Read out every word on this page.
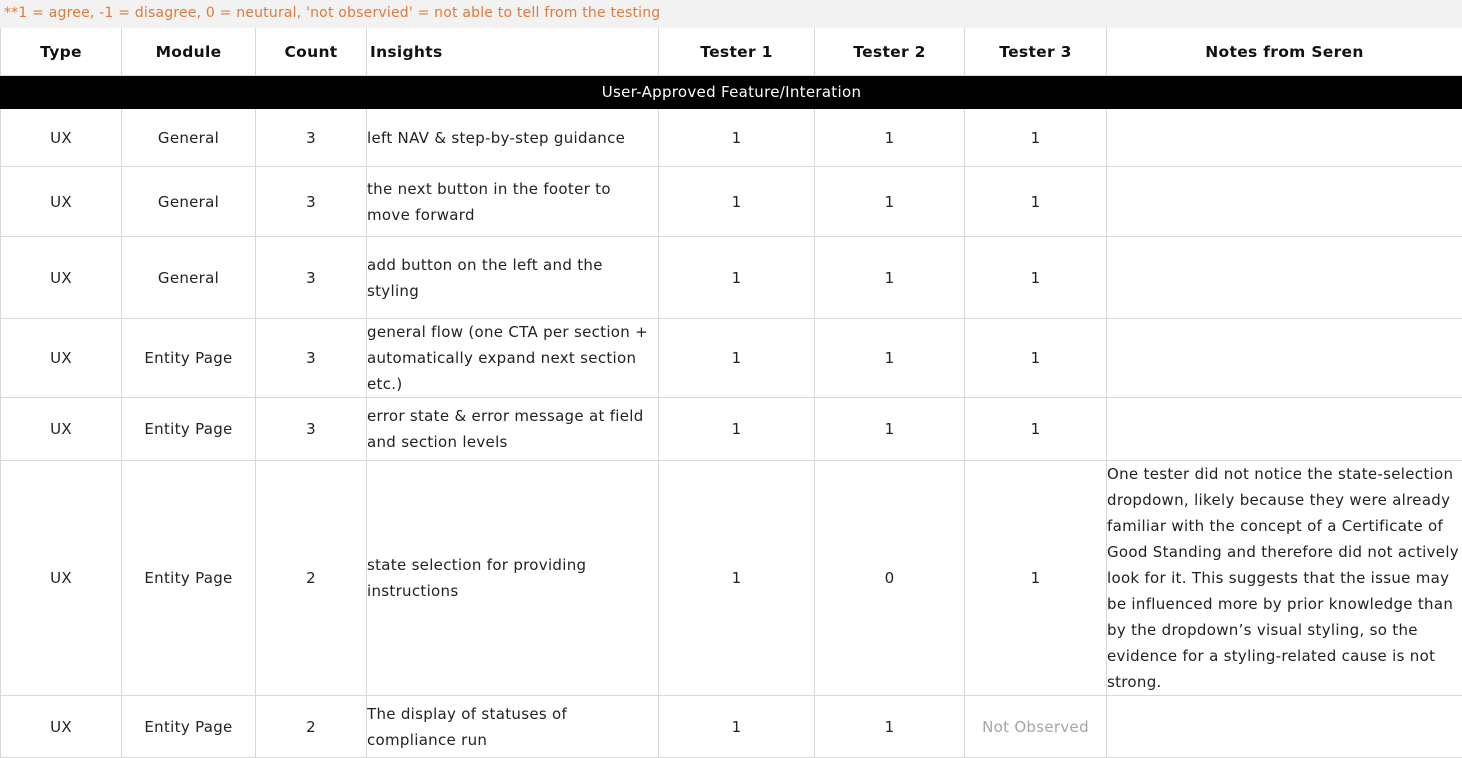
**1 = agree, -1 = disagree, 0 = neutural, 'not observied' = not able to tell from the testing
Type	Module	Count	Insights	Tester 1	Tester 2	Tester 3	Notes from Seren
User-Approved Feature/Interation							
UX	General	3	left NAV & step-by-step guidance	1	1	1	
UX	General	3	the next button in the footer to move forward	1	1	1	
UX	General	3	add button on the left and the styling	1	1	1	
UX	Entity Page	3	general flow (one CTA per section + automatically expand next section etc.)	1	1	1	
UX	Entity Page	3	error state & error message at field and section levels	1	1	1	
UX	Entity Page	2	state selection for providing instructions	1	0	1	One tester did not notice the state-selection dropdown, likely because they were already familiar with the concept of a Certificate of Good Standing and therefore did not actively look for it. This suggests that the issue may be influenced more by prior knowledge than by the dropdown’s visual styling, so the evidence for a styling-related cause is not strong.
UX	Entity Page	2	The display of statuses of compliance run	1	1	Not Observed	
